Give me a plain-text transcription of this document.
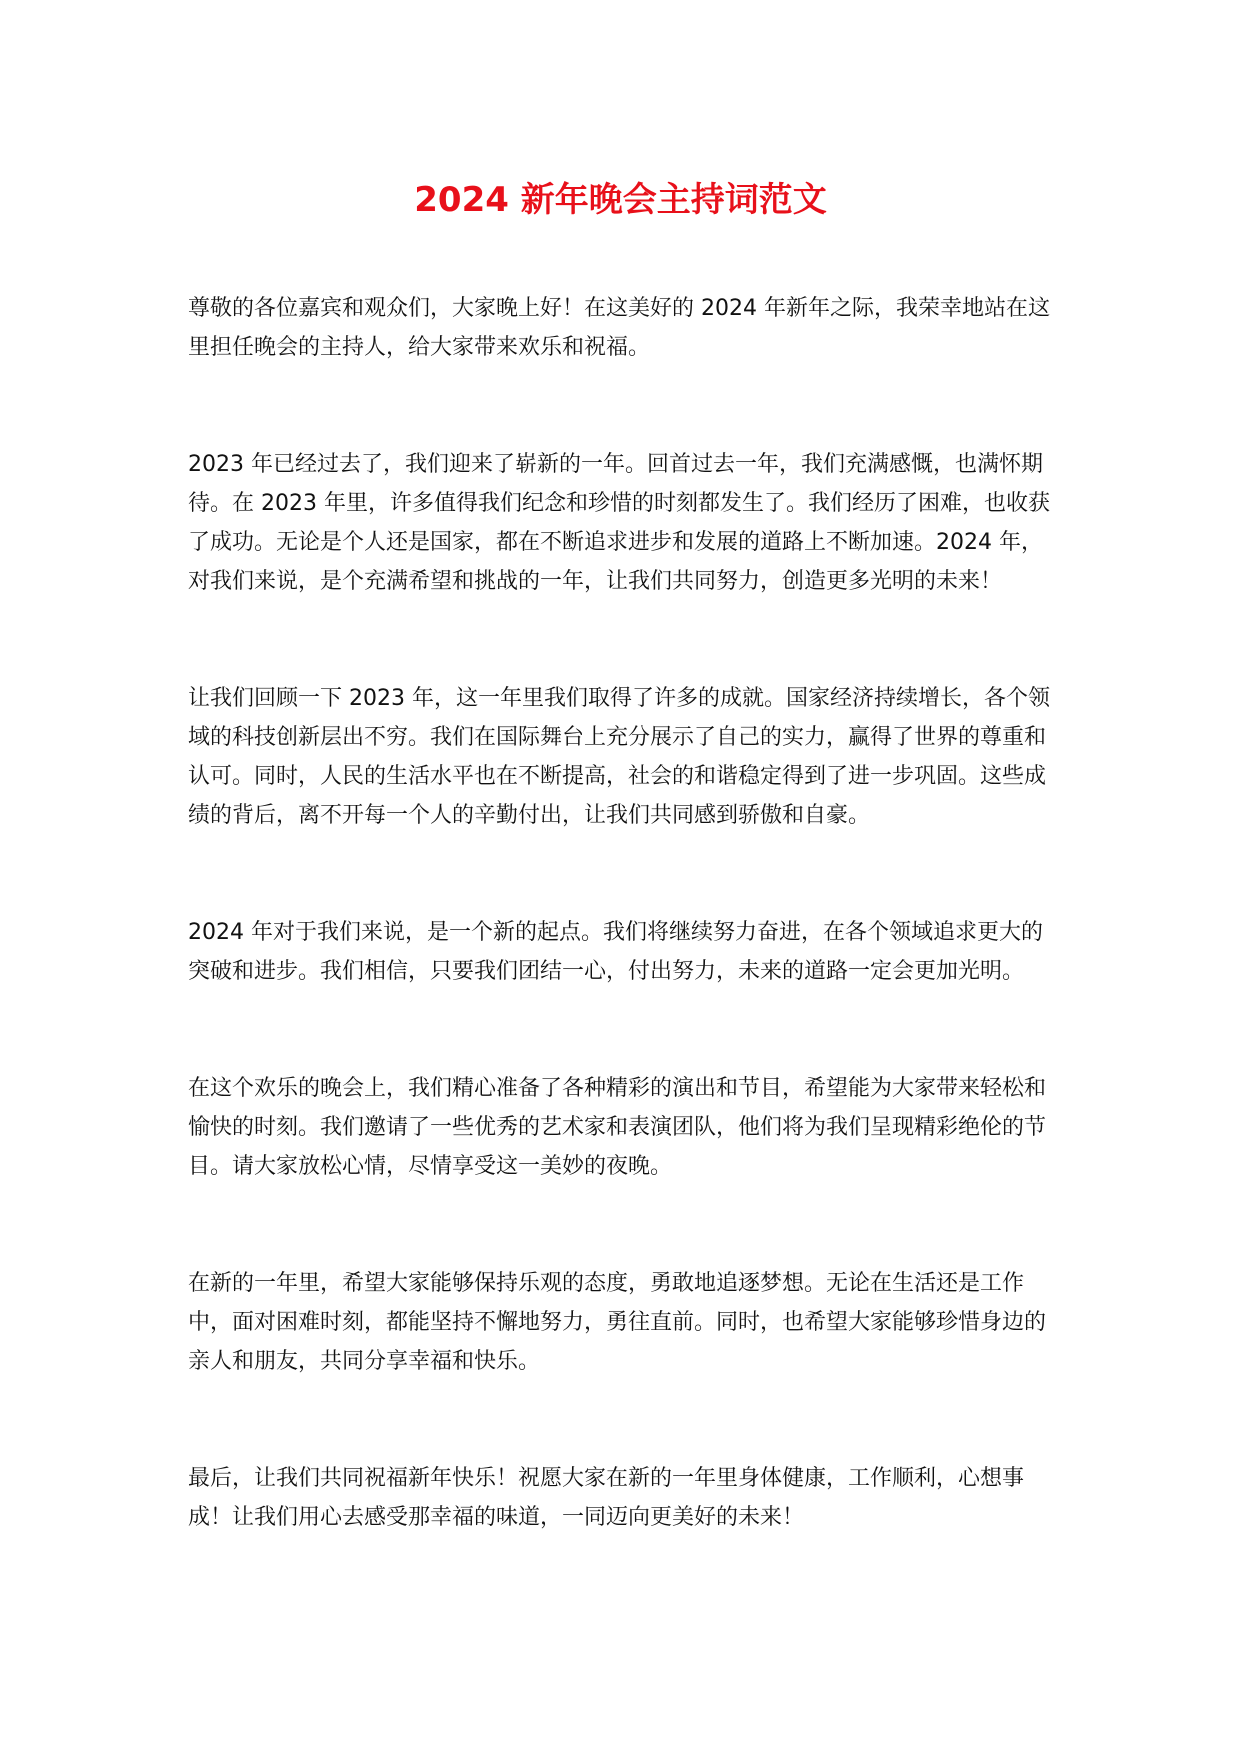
2024 新年晚会主持词范文

尊敬的各位嘉宾和观众们，大家晚上好！在这美好的 2024 年新年之际，我荣幸地站在这里担任晚会的主持人，给大家带来欢乐和祝福。

2023 年已经过去了，我们迎来了崭新的一年。回首过去一年，我们充满感慨，也满怀期待。在 2023 年里，许多值得我们纪念和珍惜的时刻都发生了。我们经历了困难，也收获了成功。无论是个人还是国家，都在不断追求进步和发展的道路上不断加速。2024 年，对我们来说，是个充满希望和挑战的一年，让我们共同努力，创造更多光明的未来！

让我们回顾一下 2023 年，这一年里我们取得了许多的成就。国家经济持续增长，各个领域的科技创新层出不穷。我们在国际舞台上充分展示了自己的实力，赢得了世界的尊重和认可。同时，人民的生活水平也在不断提高，社会的和谐稳定得到了进一步巩固。这些成绩的背后，离不开每一个人的辛勤付出，让我们共同感到骄傲和自豪。

2024 年对于我们来说，是一个新的起点。我们将继续努力奋进，在各个领域追求更大的突破和进步。我们相信，只要我们团结一心，付出努力，未来的道路一定会更加光明。

在这个欢乐的晚会上，我们精心准备了各种精彩的演出和节目，希望能为大家带来轻松和愉快的时刻。我们邀请了一些优秀的艺术家和表演团队，他们将为我们呈现精彩绝伦的节目。请大家放松心情，尽情享受这一美妙的夜晚。

在新的一年里，希望大家能够保持乐观的态度，勇敢地追逐梦想。无论在生活还是工作中，面对困难时刻，都能坚持不懈地努力，勇往直前。同时，也希望大家能够珍惜身边的亲人和朋友，共同分享幸福和快乐。

最后，让我们共同祝福新年快乐！祝愿大家在新的一年里身体健康，工作顺利，心想事成！让我们用心去感受那幸福的味道，一同迈向更美好的未来！
